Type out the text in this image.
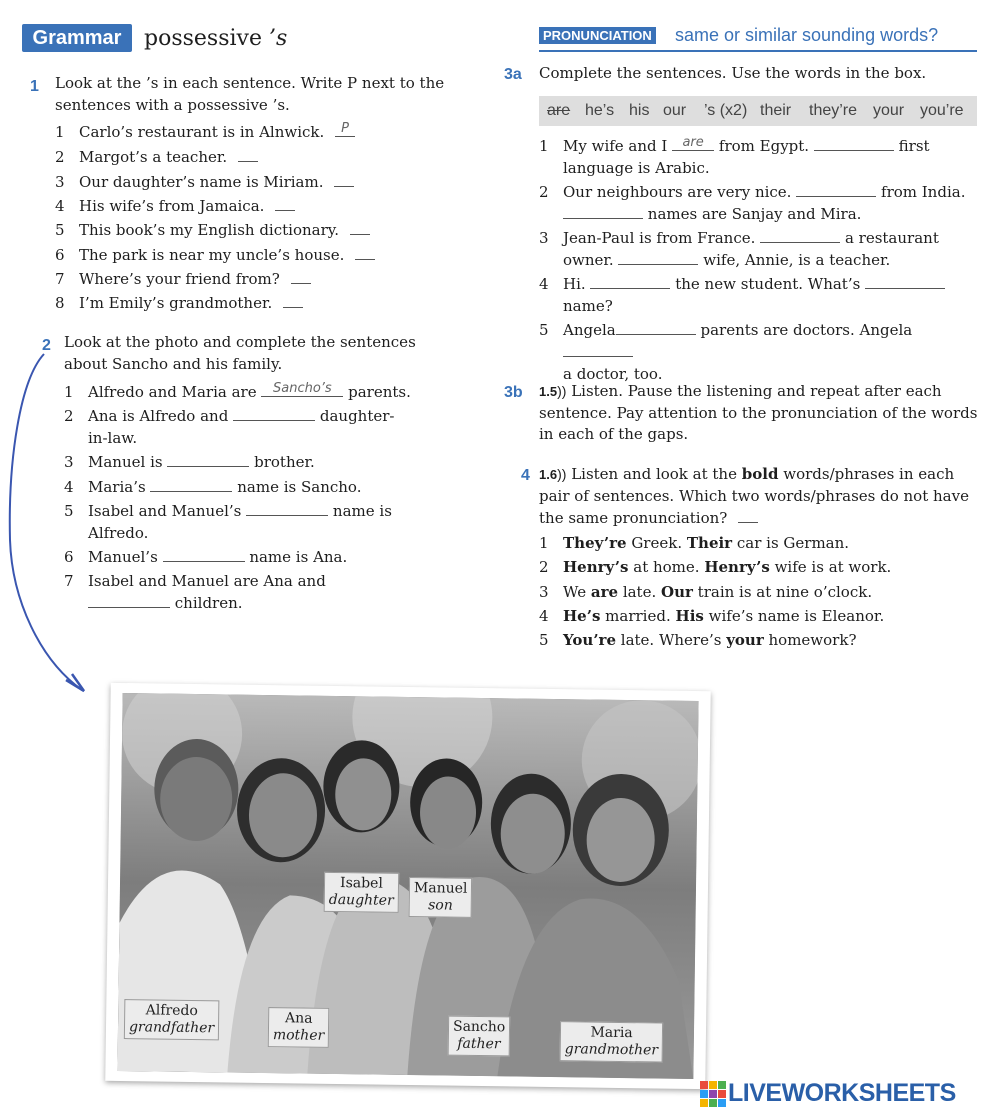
Grammar	possessive ’s	PRONUNCIATION same or similar sounding words?
1 Look at the ’s in each sentence. Write P next to the
sentences with a possessive ’s.
1 Carlo’s restaurant is in Alnwick.	P
2 Margot’s a teacher.
3 Our daughter’s name is Miriam.
4 His wife’s from Jamaica.
5 This book’s my English dictionary.
6 The park is near my uncle’s house.
7 Where’s your friend from?
8 I’m Emily’s grandmother.
2 Look at the photo and complete the sentences
about Sancho and his family.
1 Alfredo and Maria are	Sancho’s	parents.
2 Ana is Alfredo and	daughter-
in-law.
3 Manuel is	brother.
4 Maria’s	name is Sancho.
5 Isabel and Manuel’s	name is
Alfredo.
6 Manuel’s	name is Ana.
7 Isabel and Manuel are Ana and
children.
3a Complete the sentences. Use the words in the box.
are he’s his our ’s (x2) their they’re your you’re
1 My wife and I	are	from Egypt.	first
language is Arabic.
2 Our neighbours are very nice.	from India.
names are Sanjay and Mira.
3 Jean-Paul is from France.	a restaurant
owner.	wife, Annie, is a teacher.
4 Hi.	the new student. What’s
name?
5 Angela	parents are doctors. Angela
a doctor, too.
3b 1.5)) Listen. Pause the listening and repeat after each
sentence. Pay attention to the pronunciation of the words
in each of the gaps.
4 1.6)) Listen and look at the bold words/phrases in each
pair of sentences. Which two words/phrases do not have
the same pronunciation?
1 They’re Greek. Their car is German.
2 Henry’s at home. Henry’s wife is at work.
3 We are late. Our train is at nine o’clock.
4 He’s married. His wife’s name is Eleanor.
5 You’re late. Where’s your homework?
Isabel
daughter
Manuel
son
Alfredo
grandfather
Ana
mother
Sancho
father
Maria
grandmother
LIVEWORKSHEETS
